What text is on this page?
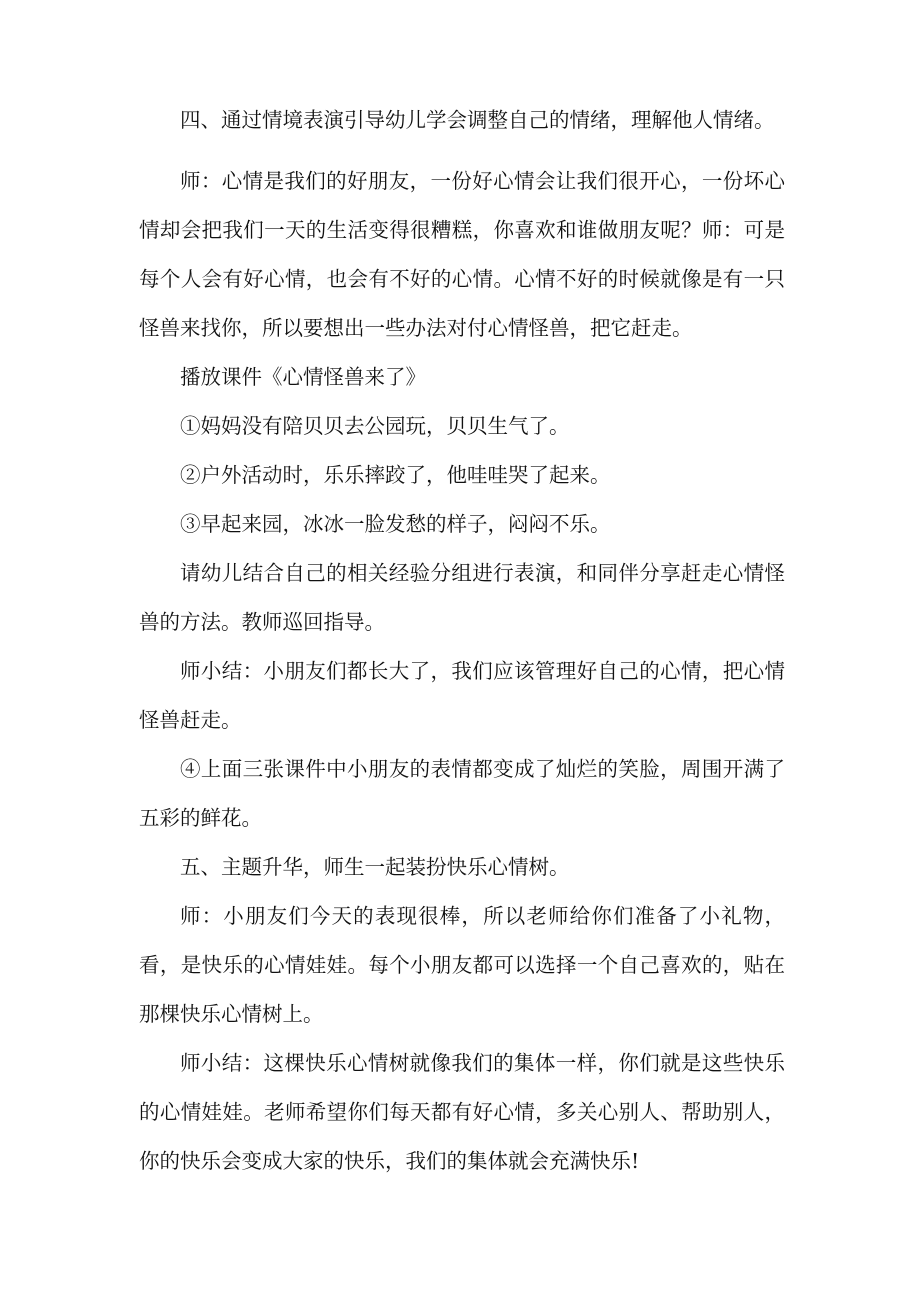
四、通过情境表演引导幼儿学会调整自己的情绪，理解他人情绪。

师：心情是我们的好朋友，一份好心情会让我们很开心，一份坏心情却会把我们一天的生活变得很糟糕，你喜欢和谁做朋友呢？师：可是每个人会有好心情，也会有不好的心情。心情不好的时候就像是有一只怪兽来找你，所以要想出一些办法对付心情怪兽，把它赶走。

播放课件《心情怪兽来了》

①妈妈没有陪贝贝去公园玩，贝贝生气了。

②户外活动时，乐乐摔跤了，他哇哇哭了起来。

③早起来园，冰冰一脸发愁的样子，闷闷不乐。

请幼儿结合自己的相关经验分组进行表演，和同伴分享赶走心情怪兽的方法。教师巡回指导。

师小结：小朋友们都长大了，我们应该管理好自己的心情，把心情怪兽赶走。

④上面三张课件中小朋友的表情都变成了灿烂的笑脸，周围开满了五彩的鲜花。

五、主题升华，师生一起装扮快乐心情树。

师：小朋友们今天的表现很棒，所以老师给你们准备了小礼物，看，是快乐的心情娃娃。每个小朋友都可以选择一个自己喜欢的，贴在那棵快乐心情树上。

师小结：这棵快乐心情树就像我们的集体一样，你们就是这些快乐的心情娃娃。老师希望你们每天都有好心情，多关心别人、帮助别人，你的快乐会变成大家的快乐，我们的集体就会充满快乐!
